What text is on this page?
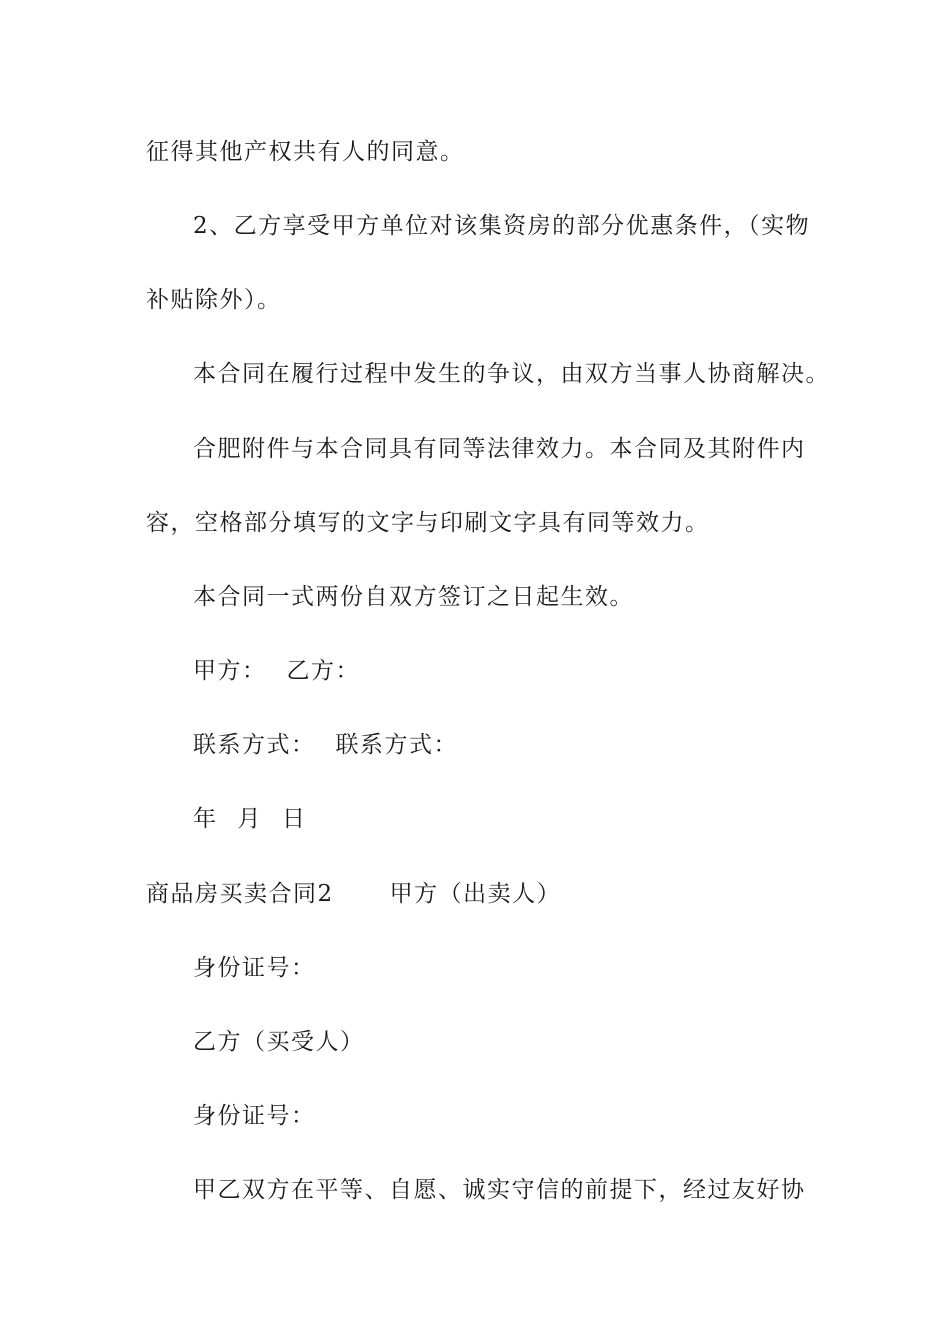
征得其他产权共有人的同意。
2、乙方享受甲方单位对该集资房的部分优惠条件，（实物
补贴除外）。
本合同在履行过程中发生的争议，由双方当事人协商解决。
合肥附件与本合同具有同等法律效力。本合同及其附件内
容，空格部分填写的文字与印刷文字具有同等效力。
本合同一式两份自双方签订之日起生效。
甲方： 乙方：
联系方式： 联系方式：
年 月 日
商品房买卖合同2 甲方（出卖人）
身份证号：
乙方（买受人）
身份证号：
甲乙双方在平等、自愿、诚实守信的前提下，经过友好协
